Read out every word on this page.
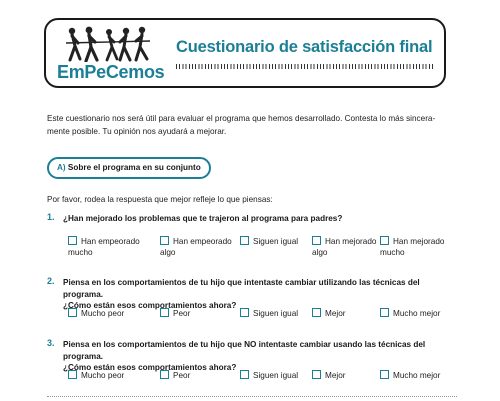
EmPeCemos
Cuestionario de satisfacción final
Este cuestionario nos será útil para evaluar el programa que hemos desarrollado. Contesta lo más sincera- mente posible. Tu opinión nos ayudará a mejorar.
A) Sobre el programa en su conjunto
Por favor, rodea la respuesta que mejor refleje lo que piensas:
1. ¿Han mejorado los problemas que te trajeron al programa para padres?
Han empeorado mucho
Han empeorado algo
Siguen igual	Han mejorado algo
Han mejorado mucho
2. Piensa en los comportamientos de tu hijo que intentaste cambiar utilizando las técnicas del programa.
¿Cómo están esos comportamientos ahora?
Mucho peor	Peor	Siguen igual	Mejor	Mucho mejor
3. Piensa en los comportamientos de tu hijo que NO intentaste cambiar usando las técnicas del programa.
¿Cómo están esos comportamientos ahora?
Mucho peor	Peor	Siguen igual	Mejor	Mucho mejor
